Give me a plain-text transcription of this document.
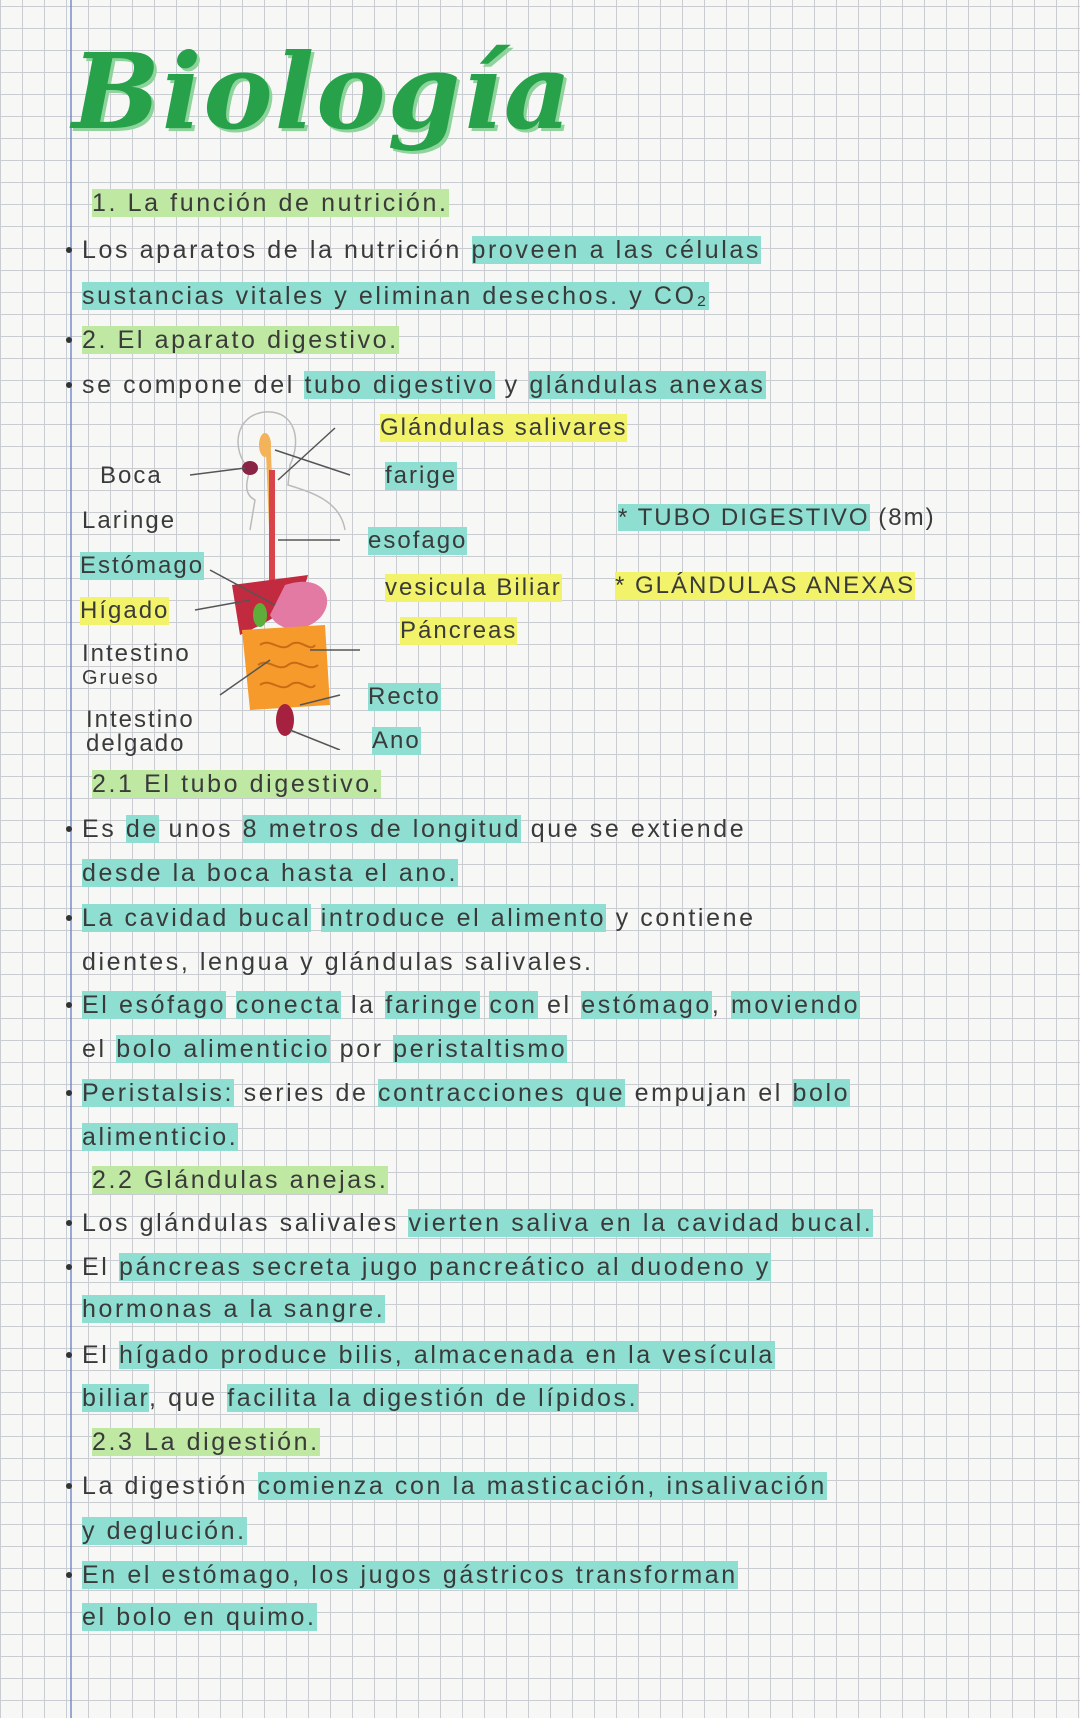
Biología
1. La función de nutrición.
Los aparatos de la nutrición proveen a las células
sustancias vitales y eliminan desechos. y CO₂
2. El aparato digestivo.
se compone del tubo digestivo y glándulas anexas
2.1 El tubo digestivo.
Es de unos 8 metros de longitud que se extiende
desde la boca hasta el ano.
La cavidad bucal introduce el alimento y contiene
dientes, lengua y glándulas salivales.
El esófago conecta la faringe con el estómago, moviendo
el bolo alimenticio por peristaltismo
Peristalsis: series de contracciones que empujan el bolo
alimenticio.
2.2 Glándulas anejas.
Los glándulas salivales vierten saliva en la cavidad bucal.
El páncreas secreta jugo pancreático al duodeno y
hormonas a la sangre.
El hígado produce bilis, almacenada en la vesícula
biliar, que facilita la digestión de lípidos.
2.3 La digestión.
La digestión comienza con la masticación, insalivación
y deglución.
En el estómago, los jugos gástricos transforman
el bolo en quimo.
Boca
Laringe
Estómago
Hígado
Intestino
Grueso
Intestino
delgado
Glándulas salivares
farige
esofago
vesicula Biliar
Páncreas
Recto
Ano
* TUBO DIGESTIVO (8m)
* GLÁNDULAS ANEXAS
